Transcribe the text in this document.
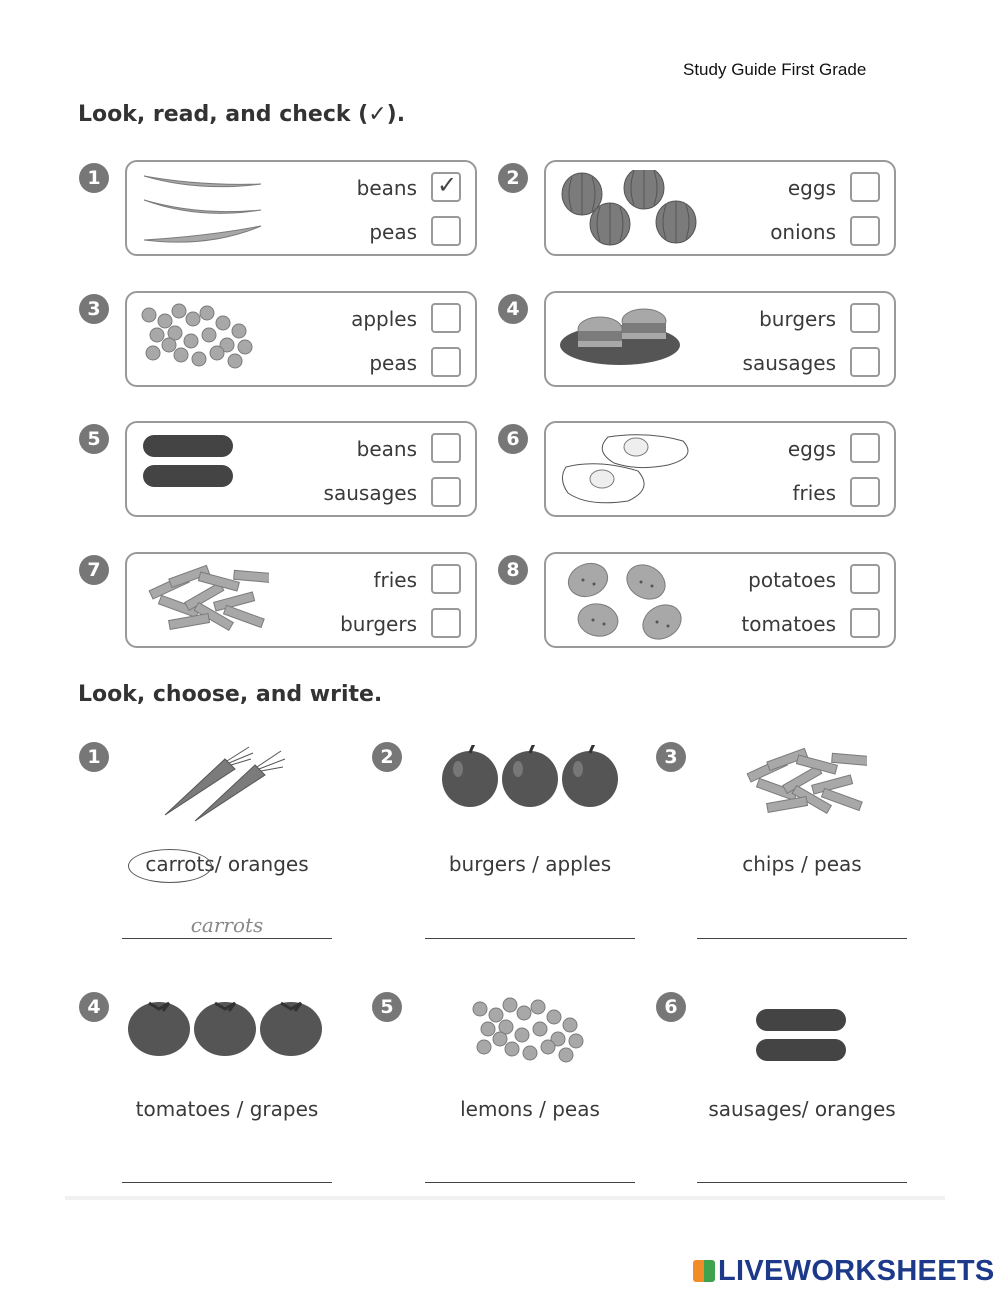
Study Guide First Grade
Look, read, and check (✓).
1	beans ✓
peas
2	eggs
onions
3	apples
peas
4	burgers
sausages
5	beans
sausages
6	eggs
fries
7	fries
burgers
8	potatoes
tomatoes
Look, choose, and write.
1
carrots/ oranges
carrots
2
burgers / apples
3
chips / peas
4
tomatoes / grapes
5
lemons / peas
6
sausages/ oranges
LIVEWORKSHEETS
